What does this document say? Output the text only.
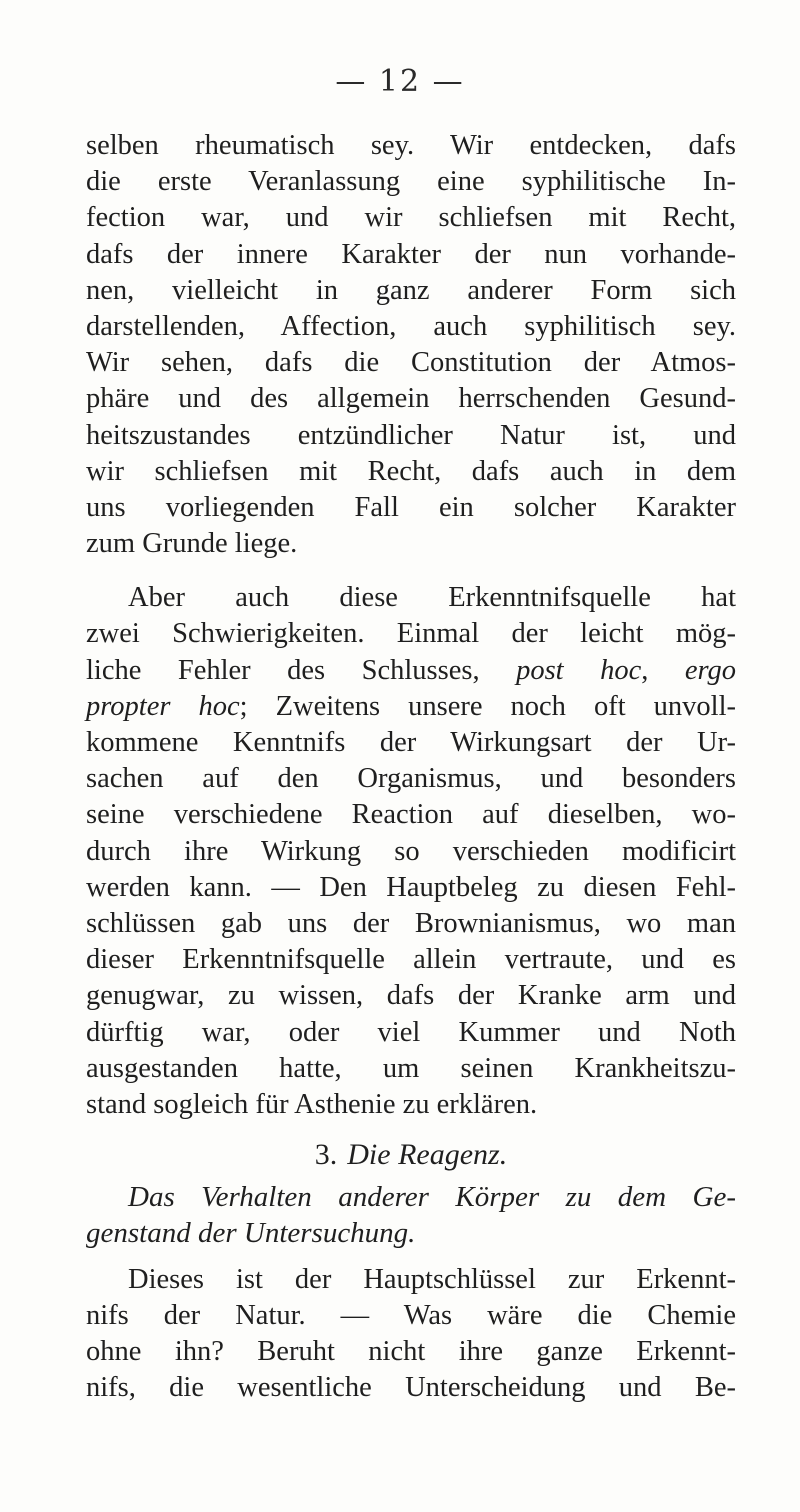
— 12 —
selben rheumatisch sey. Wir entdecken, dafs
die erste Veranlassung eine syphilitische In-
fection war, und wir schliefsen mit Recht,
dafs der innere Karakter der nun vorhande-
nen, vielleicht in ganz anderer Form sich
darstellenden, Affection, auch syphilitisch sey.
Wir sehen, dafs die Constitution der Atmos-
phäre und des allgemein herrschenden Gesund-
heitszustandes entzündlicher Natur ist, und
wir schliefsen mit Recht, dafs auch in dem
uns vorliegenden Fall ein solcher Karakter
zum Grunde liege.
Aber auch diese Erkenntnifsquelle hat
zwei Schwierigkeiten. Einmal der leicht mög-
liche Fehler des Schlusses, post hoc, ergo
propter hoc; Zweitens unsere noch oft unvoll-
kommene Kenntnifs der Wirkungsart der Ur-
sachen auf den Organismus, und besonders
seine verschiedene Reaction auf dieselben, wo-
durch ihre Wirkung so verschieden modificirt
werden kann. — Den Hauptbeleg zu diesen Fehl-
schlüssen gab uns der Brownianismus, wo man
dieser Erkenntnifsquelle allein vertraute, und es
genugwar, zu wissen, dafs der Kranke arm und
dürftig war, oder viel Kummer und Noth
ausgestanden hatte, um seinen Krankheitszu-
stand sogleich für Asthenie zu erklären.
3. Die Reagenz.
Das Verhalten anderer Körper zu dem Ge-
genstand der Untersuchung.
Dieses ist der Hauptschlüssel zur Erkennt-
nifs der Natur. — Was wäre die Chemie
ohne ihn? Beruht nicht ihre ganze Erkennt-
nifs, die wesentliche Unterscheidung und Be-
